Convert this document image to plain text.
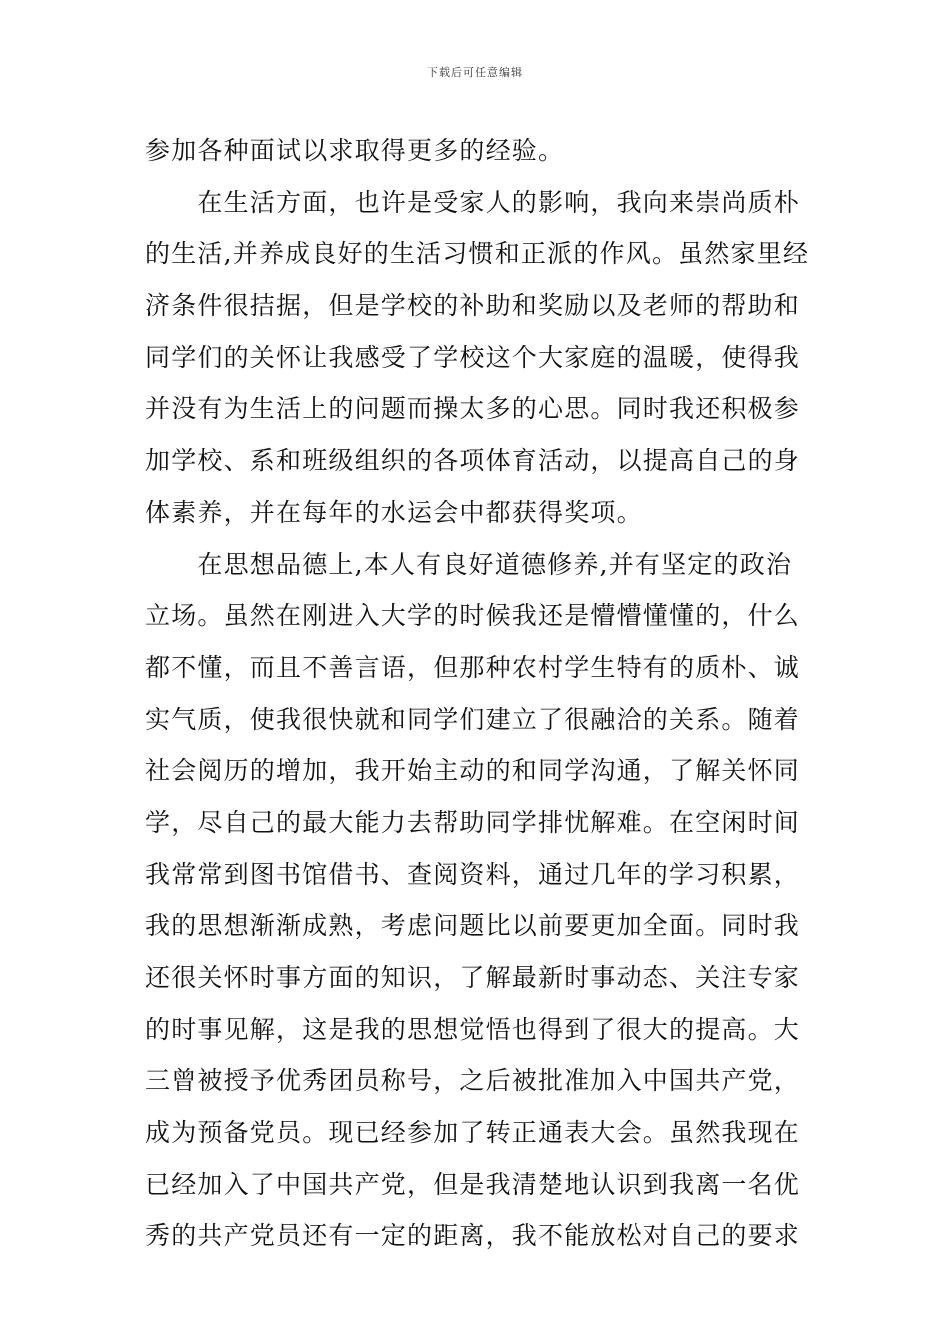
下载后可任意编辑
参加各种面试以求取得更多的经验。
　　在生活方面，也许是受家人的影响，我向来崇尚质朴
的生活,并养成良好的生活习惯和正派的作风。虽然家里经
济条件很拮据，但是学校的补助和奖励以及老师的帮助和
同学们的关怀让我感受了学校这个大家庭的温暖，使得我
并没有为生活上的问题而操太多的心思。同时我还积极参
加学校、系和班级组织的各项体育活动，以提高自己的身
体素养，并在每年的水运会中都获得奖项。
　　在思想品德上,本人有良好道德修养,并有坚定的政治
立场。虽然在刚进入大学的时候我还是懵懵懂懂的，什么
都不懂，而且不善言语，但那种农村学生特有的质朴、诚
实气质，使我很快就和同学们建立了很融洽的关系。随着
社会阅历的增加，我开始主动的和同学沟通，了解关怀同
学，尽自己的最大能力去帮助同学排忧解难。在空闲时间
我常常到图书馆借书、查阅资料，通过几年的学习积累，
我的思想渐渐成熟，考虑问题比以前要更加全面。同时我
还很关怀时事方面的知识，了解最新时事动态、关注专家
的时事见解，这是我的思想觉悟也得到了很大的提高。大
三曾被授予优秀团员称号，之后被批准加入中国共产党，
成为预备党员。现已经参加了转正通表大会。虽然我现在
已经加入了中国共产党，但是我清楚地认识到我离一名优
秀的共产党员还有一定的距离，我不能放松对自己的要求
